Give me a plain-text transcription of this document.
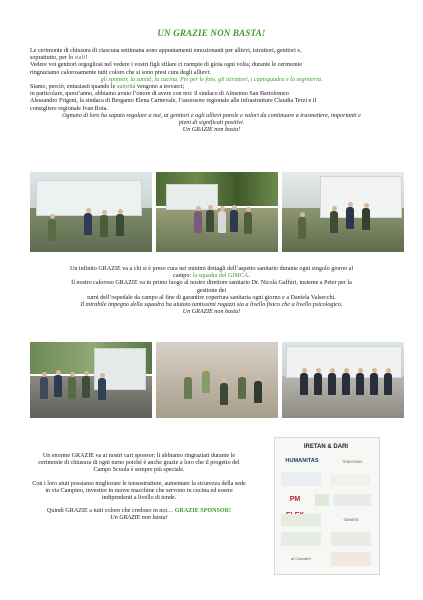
UN GRAZIE NON BASTA!

Le cerimonie di chiusura di ciascuna settimana sono appuntamenti emozionanti per allievi, istruttori, genitori e,

soprattutto, per lo staff!

Vedere voi genitori orgogliosi nel vedere i vostri figli sfilare ci riempie di gioia ogni volta; durante le cerimonie

ringraziamo calorosamente tutti coloro che si sono presi cura degli allievi:

gli sponsor, la sanità, la cucina, Pio per le foto, gli istruttori, i capisquadra e la segreteria.

Siamo, perciò, entusiasti quando le autorità vengono a trovarci;

in particolare, quest’anno, abbiamo avuto l’onore di avere con noi: il sindaco di Almenno San Bartolomeo

Alessandro Frigeni, la sindaca di Bergamo Elena Carnevale, l’assessore regionale alle infrastrutture Claudia Terzi e il

consigliere regionale Ivan Rota.

Ognuno di loro ha saputo regalare a noi, ai genitori e agli allievi parole e valori da continuare a trasmettere, importanti e

pieni di significati positivi.

Un GRAZIE non basta!

Un infinito GRAZIE va a chi si è preso cura nei minimi dettagli dell’aspetto sanitario durante ogni singolo giorno al

campo: la squadra del GIMCA.

Il nostro caloroso GRAZIE va in primo luogo al nostro direttore sanitario Dr. Nicola Gaffuri, insieme a Peter per la

gestione dei

turni dell’ospedale da campo al fine di garantire copertura sanitaria ogni giorno e a Daniela Valsecchi.

Il mirabile impegno della squadra ha aiutato tantissimi ragazzi sia a livello fisico che a livello psicologico.

Un GRAZIE non basta!

Un enorme GRAZIE va ai nostri cari sponsor; li abbiamo ringraziati durante le cerimonie di chiusura di ogni turno poiché è anche grazie a loro che il progetto del Campo Scuola è sempre più speciale.

Con i loro aiuti possiamo migliorare le tensostrutture, aumentare la sicurezza della sede in via Campino, investire in nuove macchine che servono in cucina ed essere indipendenti a livello di tende.

Quindi GRAZIE a tutti coloro che credono in noi… GRAZIE SPONSOR!

Un GRAZIE non basta!

IRETAN & DARI
HUMANITAS	TENDOSAN
PM
GENESI
di Cavalleri
